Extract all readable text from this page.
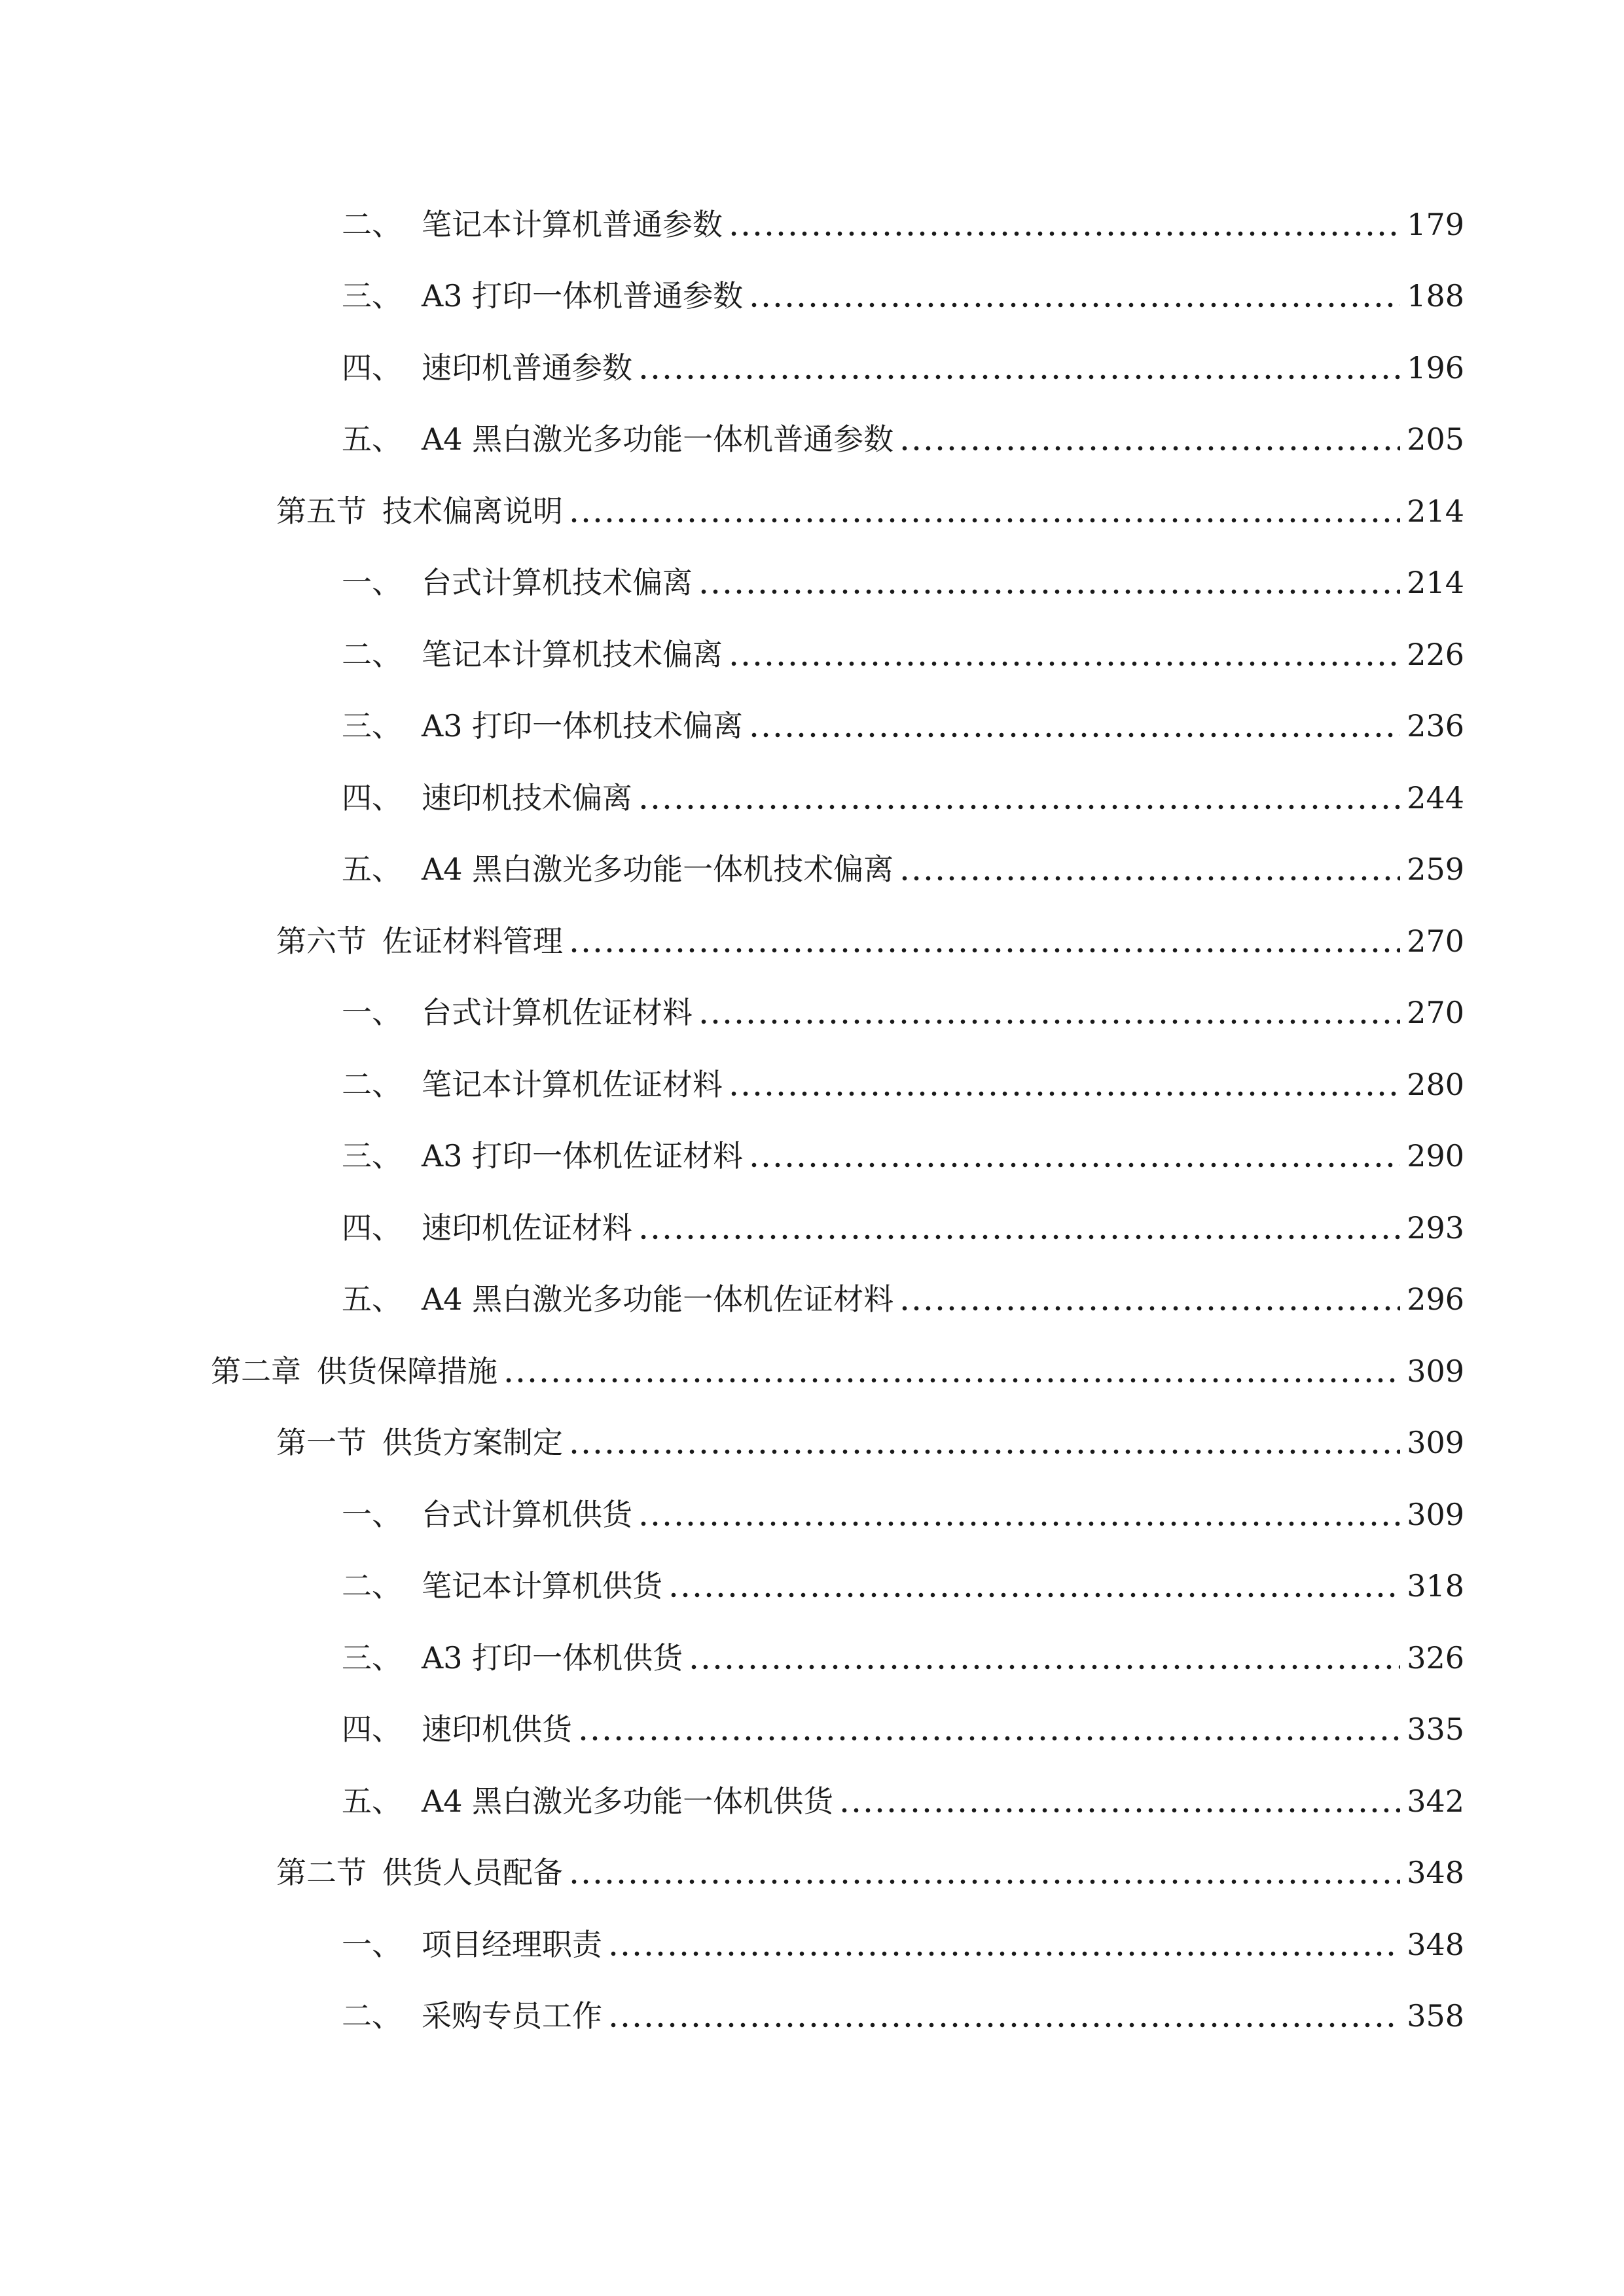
二、 笔记本计算机普通参数	179
三、 A3 打印一体机普通参数	188
四、 速印机普通参数	196
五、 A4 黑白激光多功能一体机普通参数	205
第五节 技术偏离说明	214
一、 台式计算机技术偏离	214
二、 笔记本计算机技术偏离	226
三、 A3 打印一体机技术偏离	236
四、 速印机技术偏离	244
五、 A4 黑白激光多功能一体机技术偏离	259
第六节 佐证材料管理	270
一、 台式计算机佐证材料	270
二、 笔记本计算机佐证材料	280
三、 A3 打印一体机佐证材料	290
四、 速印机佐证材料	293
五、 A4 黑白激光多功能一体机佐证材料	296
第二章 供货保障措施	309
第一节 供货方案制定	309
一、 台式计算机供货	309
二、 笔记本计算机供货	318
三、 A3 打印一体机供货	326
四、 速印机供货	335
五、 A4 黑白激光多功能一体机供货	342
第二节 供货人员配备	348
一、 项目经理职责	348
二、 采购专员工作	358
